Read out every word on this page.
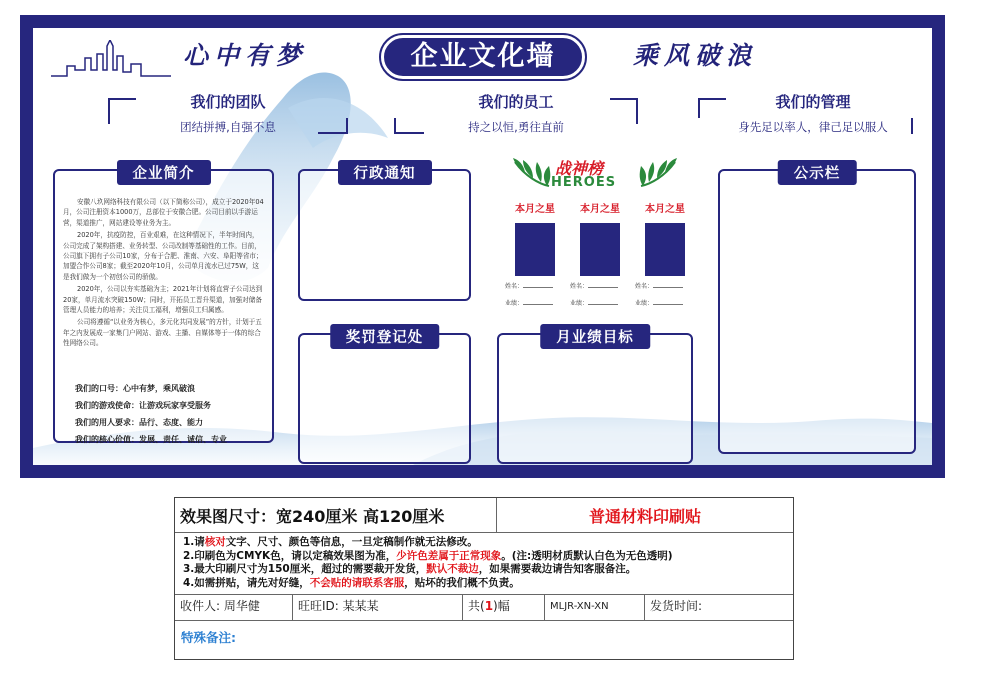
心中有梦	企业文化墙	乘风破浪
我们的团队
团结拼搏,自强不息
我们的员工
持之以恒,勇往直前
我们的管理
身先足以率人，律己足以服人
企业简介

安徽八玖网络科技有限公司（以下简称公司），成立于2020年04月，公司注册资本1000万，总部位于安徽合肥。公司目前以手游运营，渠道推广，网站建设等业务为主。

2020年，抗疫防控，百业艰难，在这种情况下，半年时间内，公司完成了架构搭建、业务转型、公司改制等基础性的工作。目前，公司旗下拥有子公司10家，分布于合肥、淮南、六安、阜阳等省市；加盟合作公司8家；截至2020年10月，公司单月流水已过75W，这是我们做为一个初创公司的骄傲。

2020年，公司以夯实基础为主；2021年计划将直营子公司达到20家，单月流水突破150W；同时，开拓员工晋升渠道，加强对储备管理人员能力的培养；关注员工福利，增强员工归属感。

公司将遵循“以业务为核心，多元化共同发展”的方针，计划于五年之内发展成一家集门户网站、游戏、主播、自媒体等于一体的综合性网络公司。

我们的口号：心中有梦，乘风破浪
我们的游戏使命：让游戏玩家享受服务
我们的用人要求：品行、态度、能力
我们的核心价值：发展、责任、诚信、专业
行政通知	战神榜
HEROES
本月之星
姓名：
业绩：
本月之星
姓名：
业绩：
本月之星
姓名：
业绩：
奖罚登记处	月业绩目标
公示栏
效果图尺寸：宽240厘米 高120厘米	普通材料印刷贴
1.请核对文字、尺寸、颜色等信息，一旦定稿制作就无法修改。
2.印刷色为CMYK色，请以定稿效果图为准，少许色差属于正常现象。(注:透明材质默认白色为无色透明)
3.最大印刷尺寸为150厘米，超过的需要裁开发货，默认不裁边，如果需要裁边请告知客服备注。
4.如需拼贴，请先对好缝，不会贴的请联系客服，贴坏的我们概不负责。
收件人: 周华健	旺旺ID: 某某某	共(1)幅	MLJR-XN-XN	发货时间:
特殊备注:
